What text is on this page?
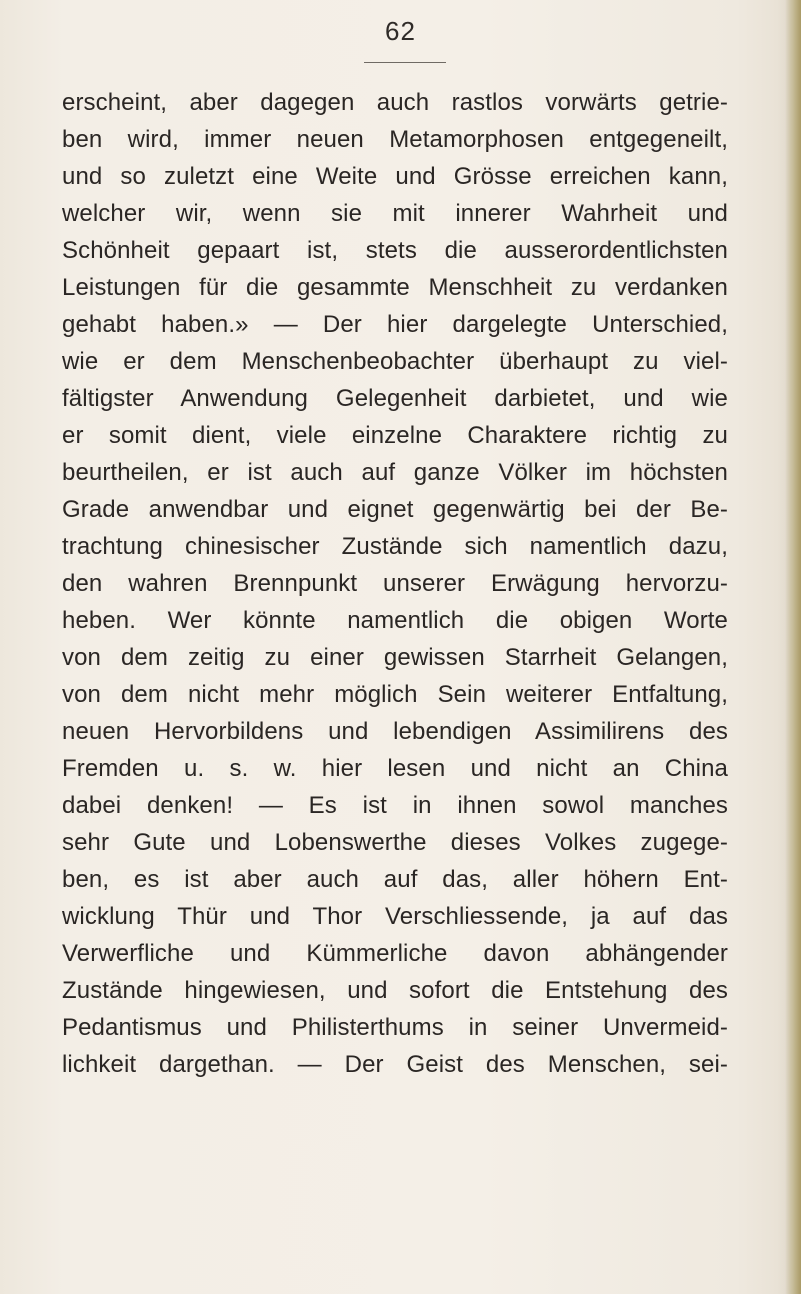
62
erscheint, aber dagegen auch rastlos vorwärts getrie-
ben wird, immer neuen Metamorphosen entgegeneilt,
und so zuletzt eine Weite und Grösse erreichen kann,
welcher wir, wenn sie mit innerer Wahrheit und
Schönheit gepaart ist, stets die ausserordentlichsten
Leistungen für die gesammte Menschheit zu verdanken
gehabt haben.» — Der hier dargelegte Unterschied,
wie er dem Menschenbeobachter überhaupt zu viel-
fältigster Anwendung Gelegenheit darbietet, und wie
er somit dient, viele einzelne Charaktere richtig zu
beurtheilen, er ist auch auf ganze Völker im höchsten
Grade anwendbar und eignet gegenwärtig bei der Be-
trachtung chinesischer Zustände sich namentlich dazu,
den wahren Brennpunkt unserer Erwägung hervorzu-
heben. Wer könnte namentlich die obigen Worte
von dem zeitig zu einer gewissen Starrheit Gelangen,
von dem nicht mehr möglich Sein weiterer Entfaltung,
neuen Hervorbildens und lebendigen Assimilirens des
Fremden u. s. w. hier lesen und nicht an China
dabei denken! — Es ist in ihnen sowol manches
sehr Gute und Lobenswerthe dieses Volkes zugege-
ben, es ist aber auch auf das, aller höhern Ent-
wicklung Thür und Thor Verschliessende, ja auf das
Verwerfliche und Kümmerliche davon abhängender
Zustände hingewiesen, und sofort die Entstehung des
Pedantismus und Philisterthums in seiner Unvermeid-
lichkeit dargethan. — Der Geist des Menschen, sei-
